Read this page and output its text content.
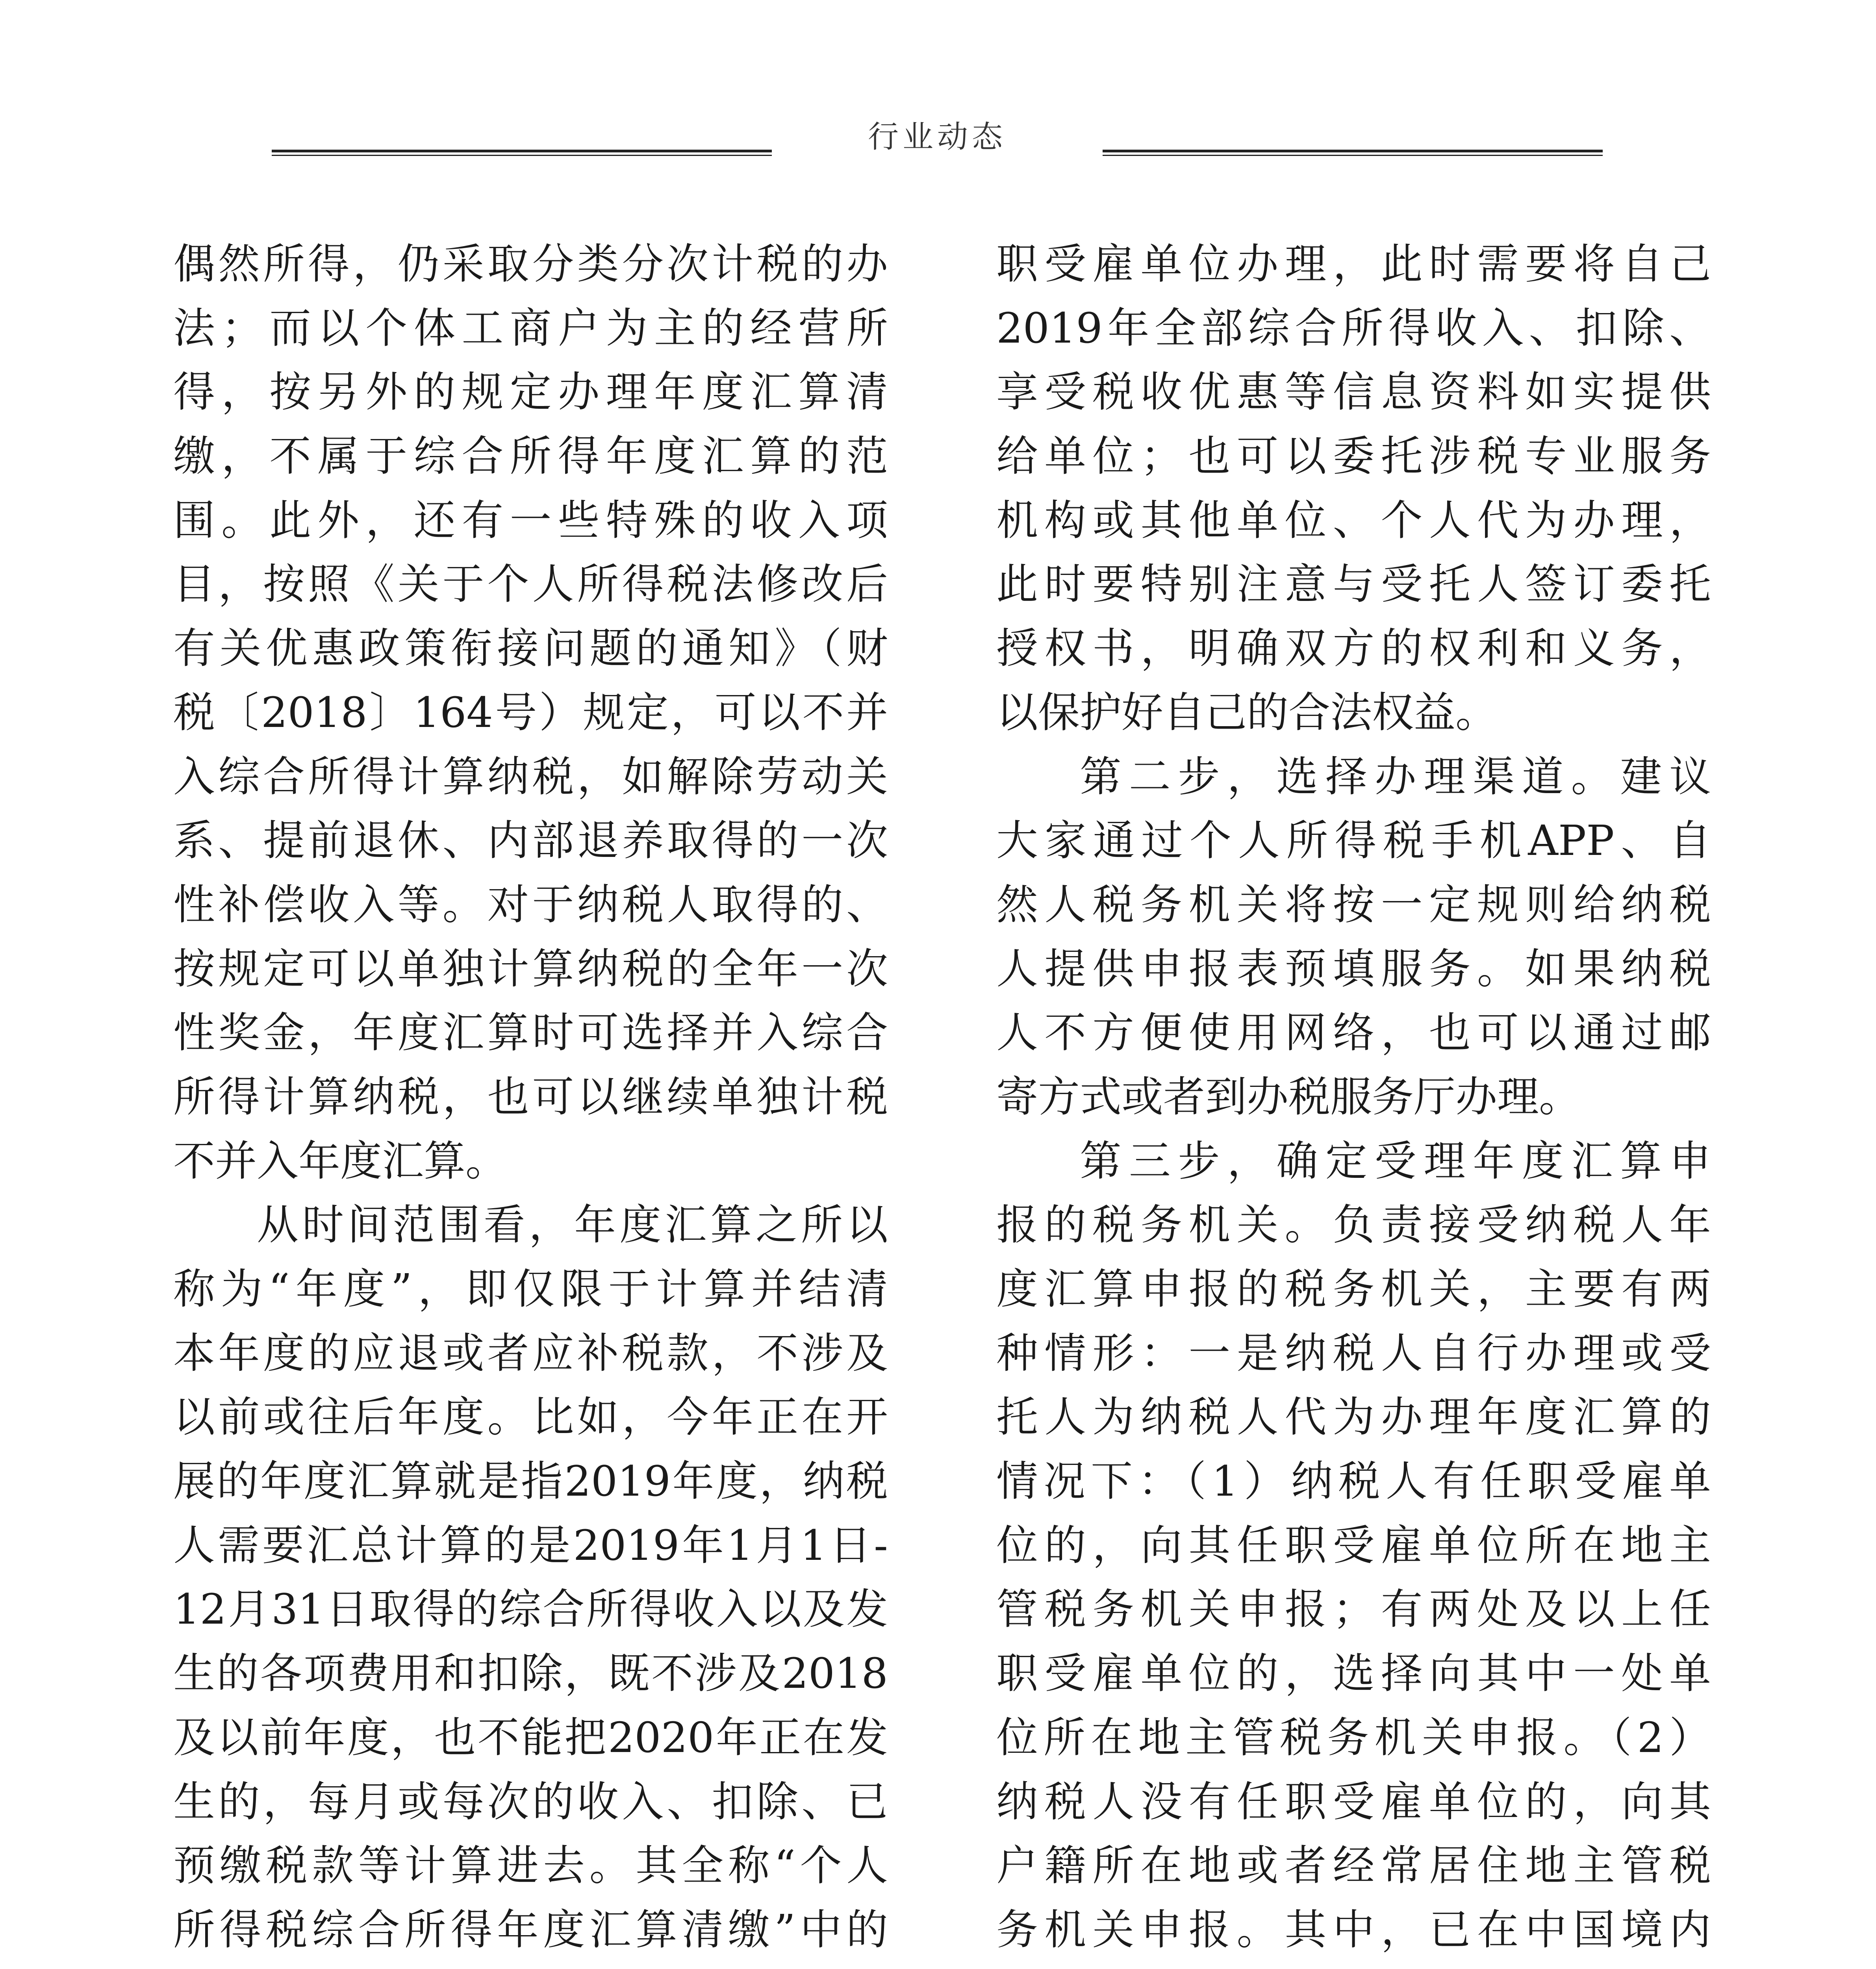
行业动态
偶然所得，仍采取分类分次计税的办
法；而以个体工商户为主的经营所
得，按另外的规定办理年度汇算清
缴，不属于综合所得年度汇算的范
围。此外，还有一些特殊的收入项
目，按照《关于个人所得税法修改后
有关优惠政策衔接问题的通知》（财
税〔2018〕164号）规定，可以不并
入综合所得计算纳税，如解除劳动关
系、提前退休、内部退养取得的一次
性补偿收入等。对于纳税人取得的、
按规定可以单独计算纳税的全年一次
性奖金，年度汇算时可选择并入综合
所得计算纳税，也可以继续单独计税
不并入年度汇算。
从时间范围看，年度汇算之所以
称为“年度”，即仅限于计算并结清
本年度的应退或者应补税款，不涉及
以前或往后年度。比如，今年正在开
展的年度汇算就是指2019年度，纳税
人需要汇总计算的是2019年1月1日-
12月31日取得的综合所得收入以及发
生的各项费用和扣除，既不涉及2018
及以前年度，也不能把2020年正在发
生的，每月或每次的收入、扣除、已
预缴税款等计算进去。其全称“个人
所得税综合所得年度汇算清缴”中的
职受雇单位办理，此时需要将自己
2019年全部综合所得收入、扣除、
享受税收优惠等信息资料如实提供
给单位；也可以委托涉税专业服务
机构或其他单位、个人代为办理，
此时要特别注意与受托人签订委托
授权书，明确双方的权利和义务，
以保护好自己的合法权益。
第二步，选择办理渠道。建议
大家通过个人所得税手机APP、自
然人税务机关将按一定规则给纳税
人提供申报表预填服务。如果纳税
人不方便使用网络，也可以通过邮
寄方式或者到办税服务厅办理。
第三步，确定受理年度汇算申
报的税务机关。负责接受纳税人年
度汇算申报的税务机关，主要有两
种情形：一是纳税人自行办理或受
托人为纳税人代为办理年度汇算的
情况下：（1）纳税人有任职受雇单
位的，向其任职受雇单位所在地主
管税务机关申报；有两处及以上任
职受雇单位的，选择向其中一处单
位所在地主管税务机关申报。（2）
纳税人没有任职受雇单位的，向其
户籍所在地或者经常居住地主管税
务机关申报。其中，已在中国境内
